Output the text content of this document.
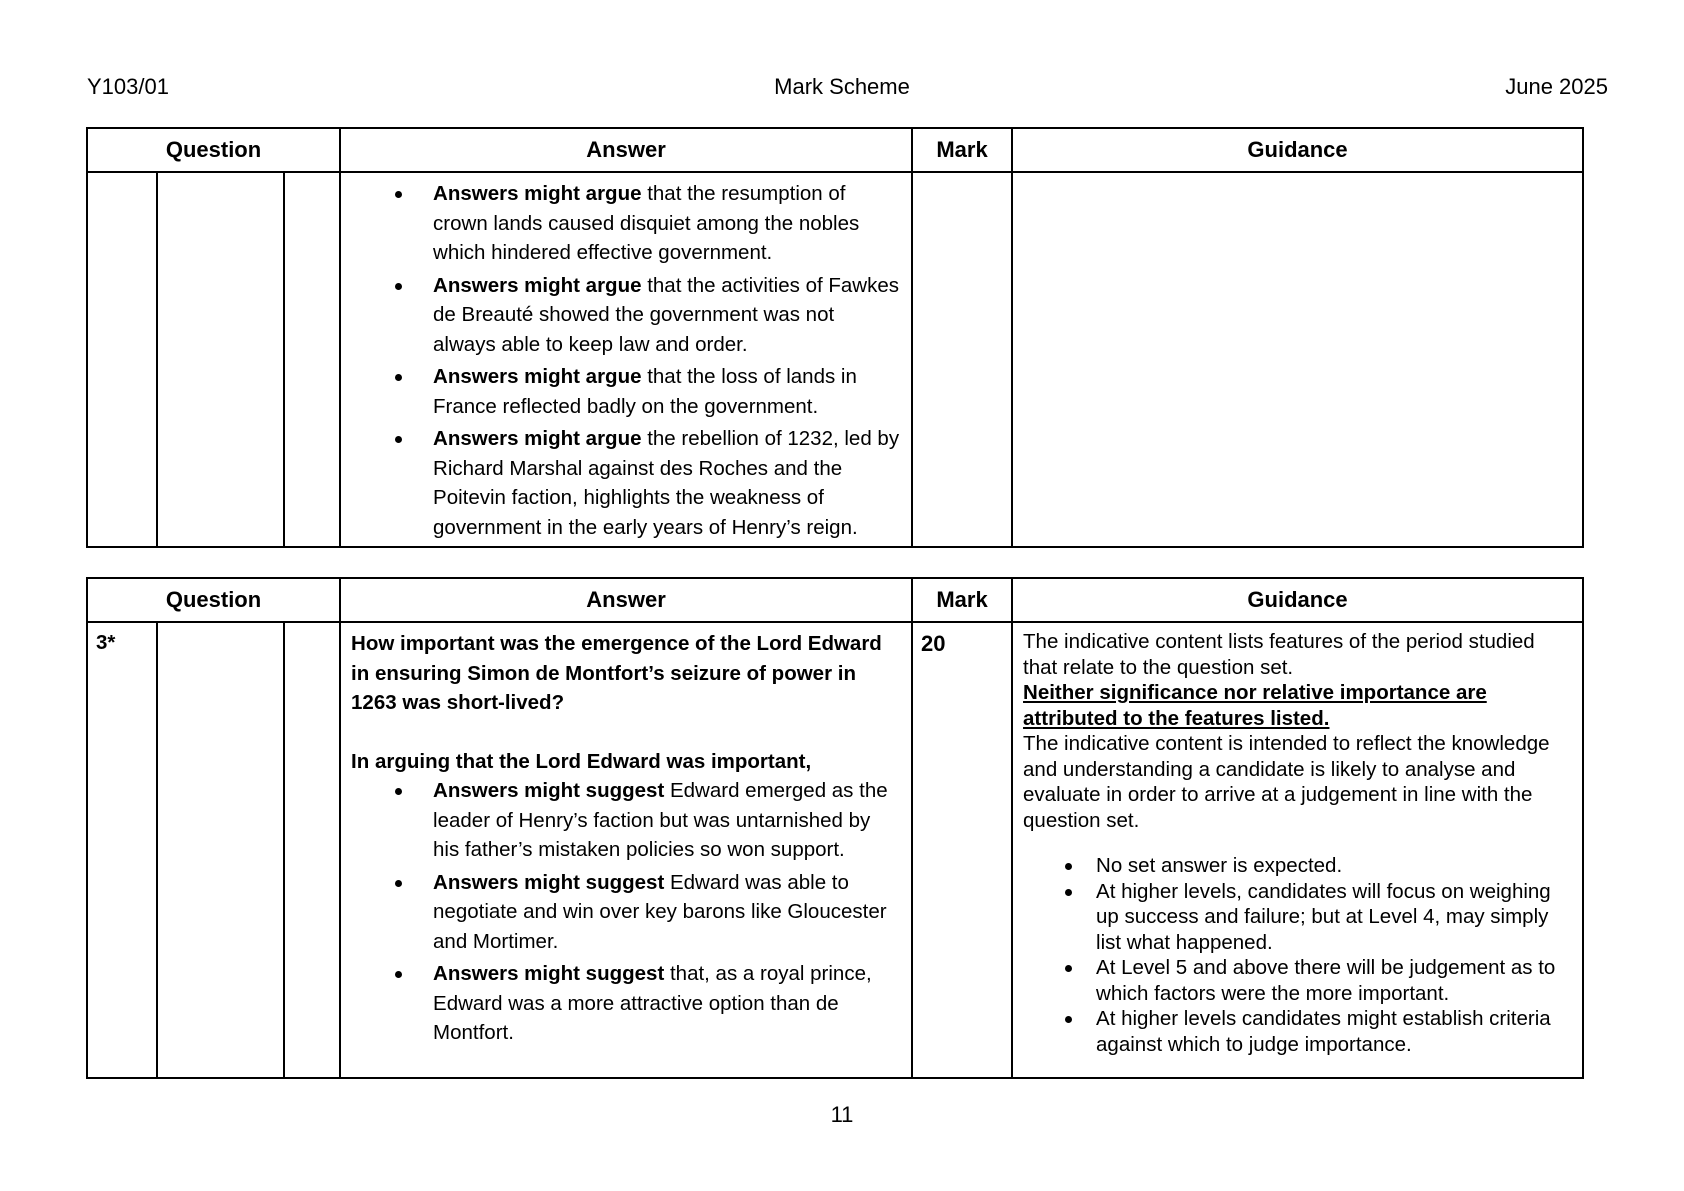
Y103/01	Mark Scheme	June 2025
Question			Answer	Mark	Guidance

Answers might argue that the resumption of crown lands caused disquiet among the nobles which hindered effective government.
Answers might argue that the activities of Fawkes de Breauté showed the government was not always able to keep law and order.
Answers might argue that the loss of lands in France reflected badly on the government.
Answers might argue the rebellion of 1232, led by Richard Marshal against des Roches and the Poitevin faction, highlights the weakness of government in the early years of Henry’s reign.

Question			Answer	Mark	Guidance

3*			How important was the emergence of the Lord Edward in ensuring Simon de Montfort’s seizure of power in 1263 was short-lived?
In arguing that the Lord Edward was important,
Answers might suggest Edward emerged as the leader of Henry’s faction but was untarnished by his father’s mistaken policies so won support.
Answers might suggest Edward was able to negotiate and win over key barons like Gloucester and Mortimer.
Answers might suggest that, as a royal prince, Edward was a more attractive option than de Montfort.

20	The indicative content lists features of the period studied that relate to the question set.
Neither significance nor relative importance are attributed to the features listed.
The indicative content is intended to reflect the knowledge and understanding a candidate is likely to analyse and evaluate in order to arrive at a judgement in line with the question set.
No set answer is expected.
At higher levels, candidates will focus on weighing up success and failure; but at Level 4, may simply list what happened.
At Level 5 and above there will be judgement as to which factors were the more important.
At higher levels candidates might establish criteria against which to judge importance.
11
